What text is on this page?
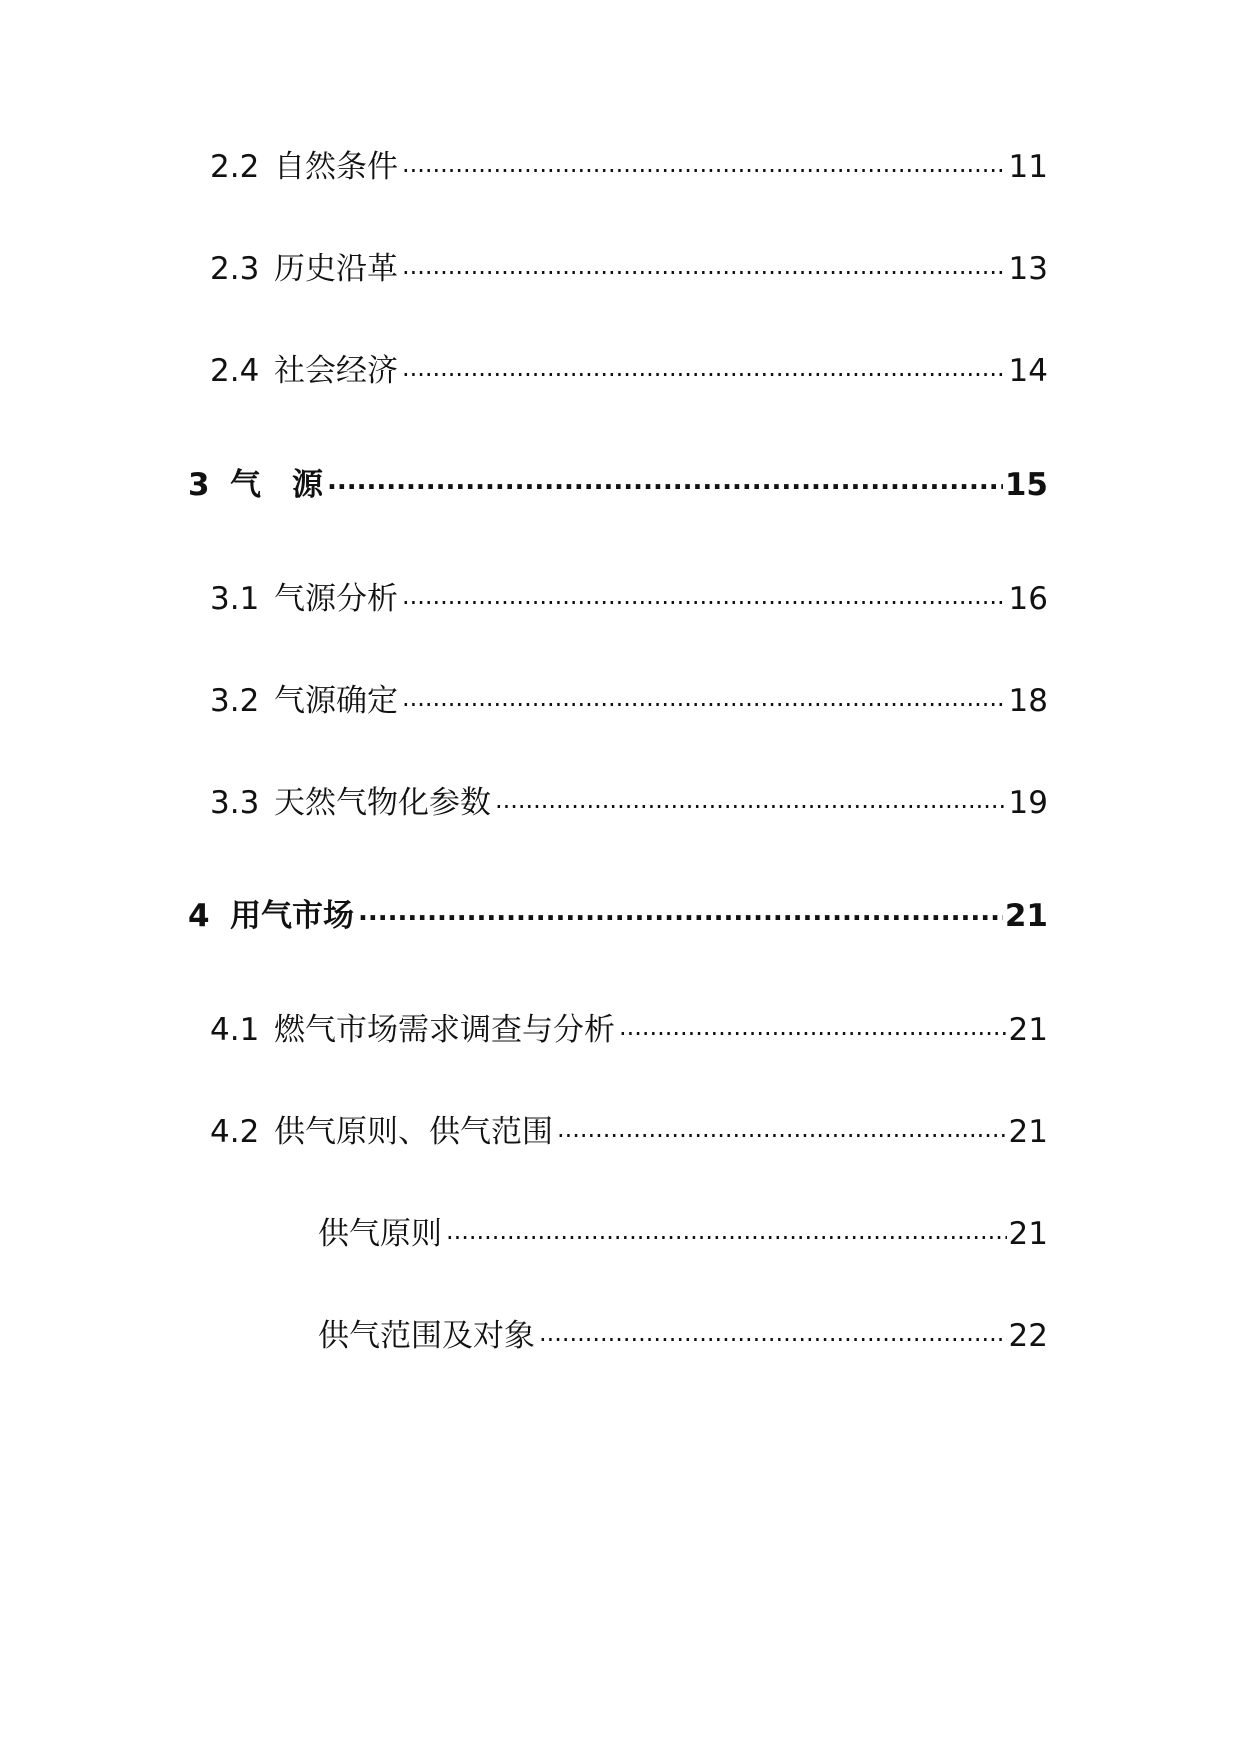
2.2 自然条件 .....	11
2.3 历史沿革 .....	13
2.4 社会经济 .....	14
3 气　源 .....	15
3.1 气源分析 .....	16
3.2 气源确定 .....	18
3.3 天然气物化参数 .....	19
4 用气市场 .....	21
4.1 燃气市场需求调查与分析 .....	21
4.2 供气原则、供气范围 .....	21
供气原则 .....	21
供气范围及对象 .....	22
